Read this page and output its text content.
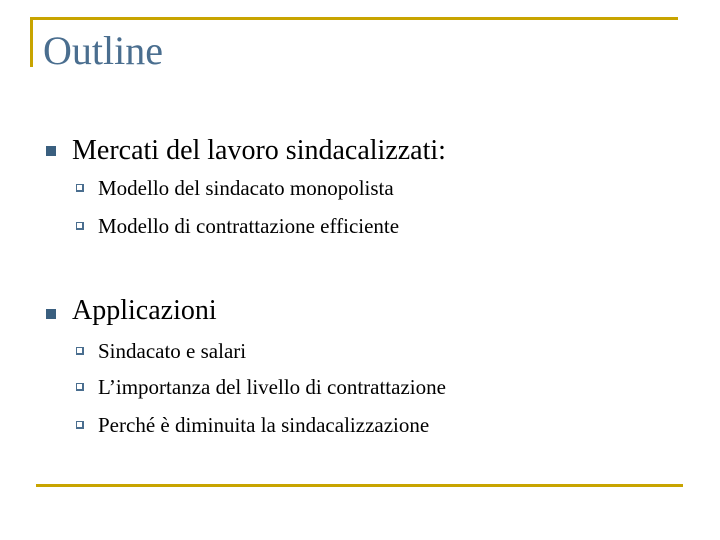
Outline
Mercati del lavoro sindacalizzati:
Modello del sindacato monopolista
Modello di contrattazione efficiente
Applicazioni
Sindacato e salari
L’importanza del livello di contrattazione
Perché è diminuita la sindacalizzazione
